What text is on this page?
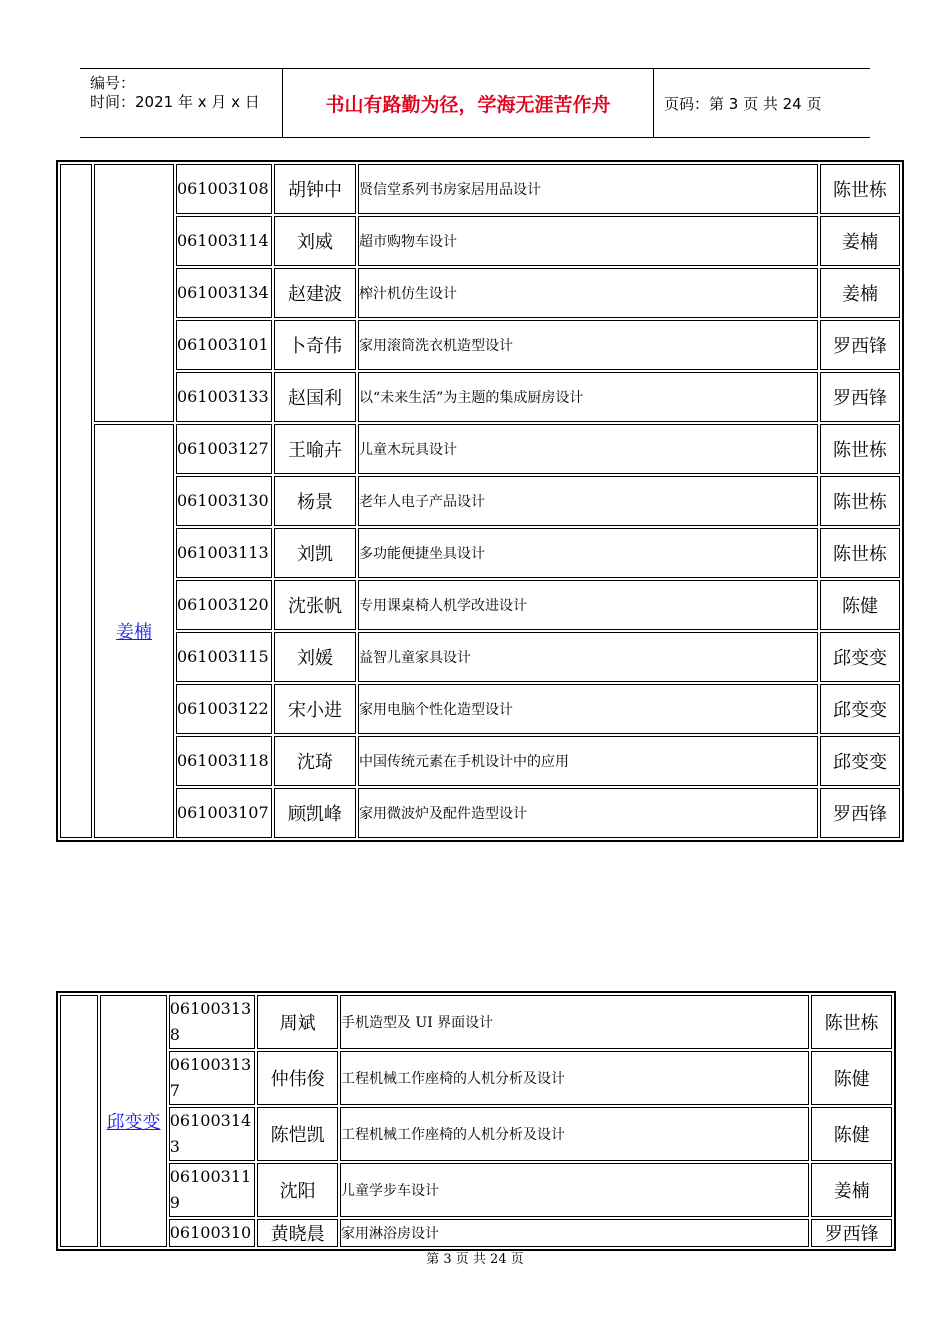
编号：
时间：2021 年 x 月 x 日	书山有路勤为径，学海无涯苦作舟	页码：第 3 页 共 24 页
		061003108	胡钟中	贤信堂系列书房家居用品设计	陈世栋
		061003114	刘威	超市购物车设计	姜楠
		061003134	赵建波	榨汁机仿生设计	姜楠
		061003101	卜奇伟	家用滚筒洗衣机造型设计	罗西锋
		061003133	赵国利	以“未来生活”为主题的集成厨房设计	罗西锋
	姜楠	061003127	王喻卉	儿童木玩具设计	陈世栋
		061003130	杨景	老年人电子产品设计	陈世栋
		061003113	刘凯	多功能便捷坐具设计	陈世栋
		061003120	沈张帆	专用课桌椅人机学改进设计	陈健
		061003115	刘媛	益智儿童家具设计	邱变变
		061003122	宋小进	家用电脑个性化造型设计	邱变变
		061003118	沈琦	中国传统元素在手机设计中的应用	邱变变
		061003107	顾凯峰	家用微波炉及配件造型设计	罗西锋
	邱变变	061003138	周斌	手机造型及 UI 界面设计	陈世栋
		061003137	仲伟俊	工程机械工作座椅的人机分析及设计	陈健
		061003143	陈恺凯	工程机械工作座椅的人机分析及设计	陈健
		061003119	沈阳	儿童学步车设计	姜楠
		06100310	黄晓晨	家用淋浴房设计	罗西锋
第 3 页 共 24 页
